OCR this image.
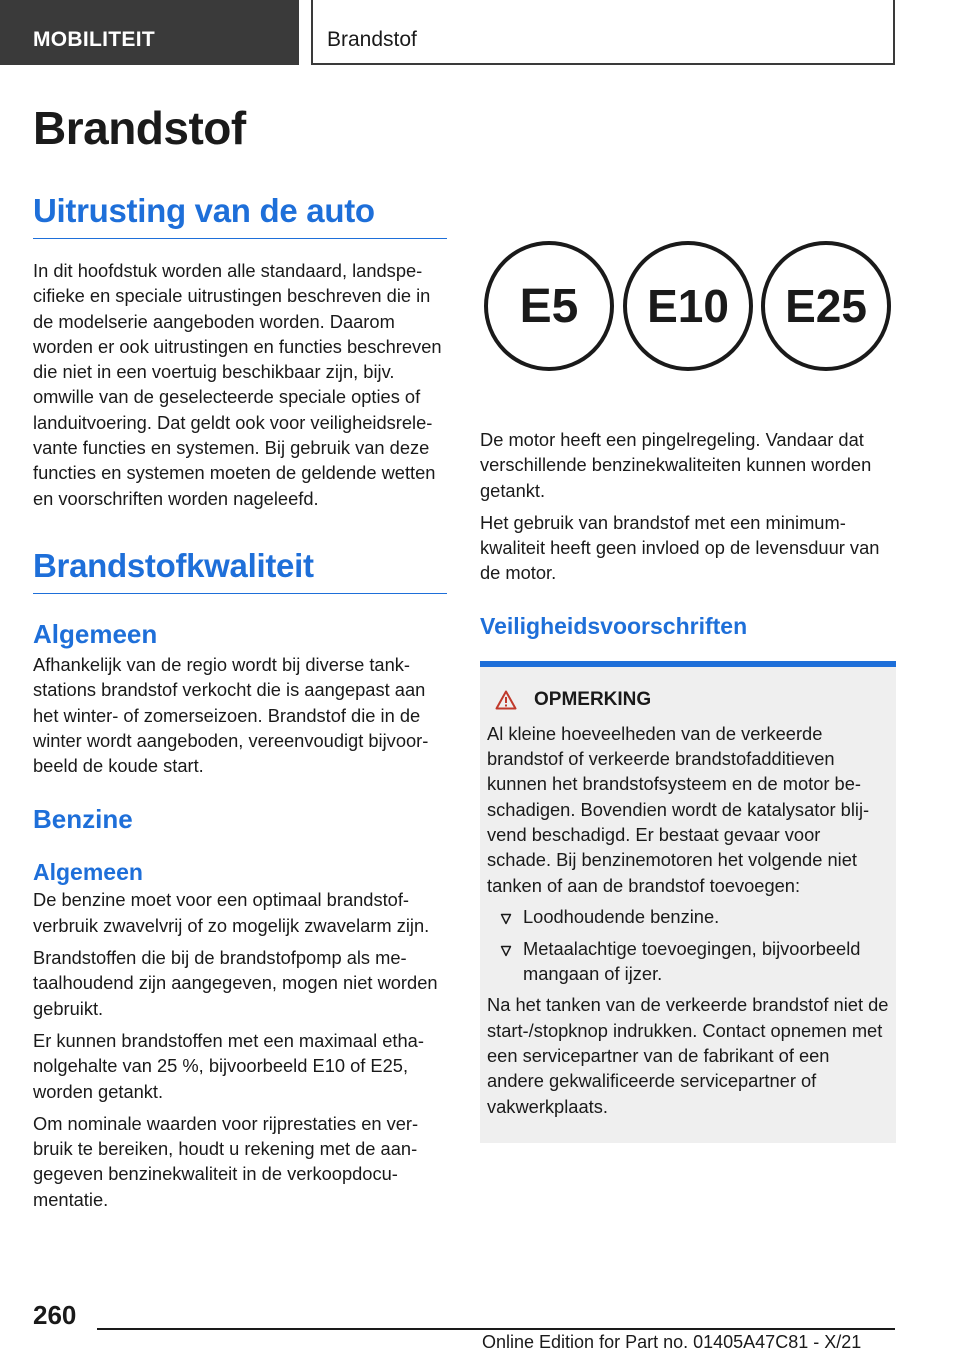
MOBILITEIT	Brandstof
Brandstof
Uitrusting van de auto
In dit hoofdstuk worden alle standaard, landspecifieke en speciale uitrustingen beschreven die in de modelserie aangeboden worden. Daarom worden er ook uitrustingen en functies beschreven die niet in een voertuig beschikbaar zijn, bijv. omwille van de geselecteerde speciale opties of landuitvoering. Dat geldt ook voor veiligheidsrelevante functies en systemen. Bij gebruik van deze functies en systemen moeten de geldende wetten en voorschriften worden nageleefd.
Brandstofkwaliteit
Algemeen
Afhankelijk van de regio wordt bij diverse tankstations brandstof verkocht die is aangepast aan het winter- of zomerseizoen. Brandstof die in de winter wordt aangeboden, vereenvoudigt bijvoorbeeld de koude start.
Benzine
Algemeen
De benzine moet voor een optimaal brandstofverbruik zwavelvrij of zo mogelijk zwavelarm zijn.
Brandstoffen die bij de brandstofpomp als metaalhoudend zijn aangegeven, mogen niet worden gebruikt.
Er kunnen brandstoffen met een maximaal ethanolgehalte van 25 %, bijvoorbeeld E10 of E25, worden getankt.
Om nominale waarden voor rijprestaties en verbruik te bereiken, houdt u rekening met de aangegeven benzinekwaliteit in de verkoopdocumentatie.
E5 E10 E25
De motor heeft een pingelregeling. Vandaar dat verschillende benzinekwaliteiten kunnen worden getankt.
Het gebruik van brandstof met een minimumkwaliteit heeft geen invloed op de levensduur van de motor.
Veiligheidsvoorschriften
OPMERKING
Al kleine hoeveelheden van de verkeerde brandstof of verkeerde brandstofadditieven kunnen het brandstofsysteem en de motor beschadigen. Bovendien wordt de katalysator blijvend beschadigd. Er bestaat gevaar voor schade. Bij benzinemotoren het volgende niet tanken of aan de brandstof toevoegen:
Loodhoudende benzine.
Metaalachtige toevoegingen, bijvoorbeeld mangaan of ijzer.
Na het tanken van de verkeerde brandstof niet de start-/stopknop indrukken. Contact opnemen met een servicepartner van de fabrikant of een andere gekwalificeerde servicepartner of vakwerkplaats.
260
Online Edition for Part no. 01405A47C81 - X/21
